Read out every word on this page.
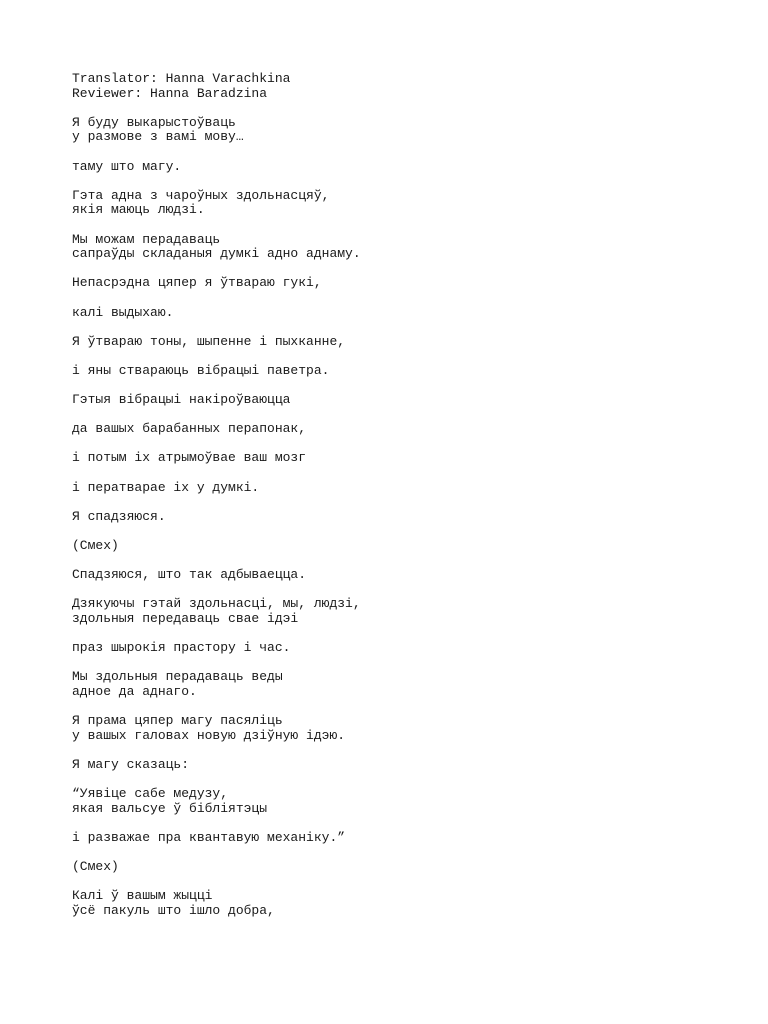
Translator: Hanna Varachkina
Reviewer: Hanna Baradzina
Я буду выкарыстоўваць
у размове з вамі мову…
таму што магу.
Гэта адна з чароўных здольнасцяў,
якія маюць людзі.
Мы можам перадаваць
сапраўды складаныя думкі адно аднаму.
Непасрэдна цяпер я ўтвараю гукі,
калі выдыхаю.
Я ўтвараю тоны, шыпенне і пыхканне,
і яны ствараюць вібрацыі паветра.
Гэтыя вібрацыі накіроўваюцца
да вашых барабанных перапонак,
і потым іх атрымоўвае ваш мозг
і ператварае іх у думкі.
Я спадзяюся.
(Смех)
Спадзяюся, што так адбываецца.
Дзякуючы гэтай здольнасці, мы, людзі,
здольныя передаваць свае ідэі
праз шырокія прастору і час.
Мы здольныя перадаваць веды
адное да аднаго.
Я прама цяпер магу пасяліць
у вашых галовах новую дзіўную ідэю.
Я магу сказаць:
“Уявіце сабе медузу,
якая вальсуе ў бібліятэцы
і разважае пра квантавую механіку.”
(Смех)
Калі ў вашым жыцці
ўсё пакуль што ішло добра,
